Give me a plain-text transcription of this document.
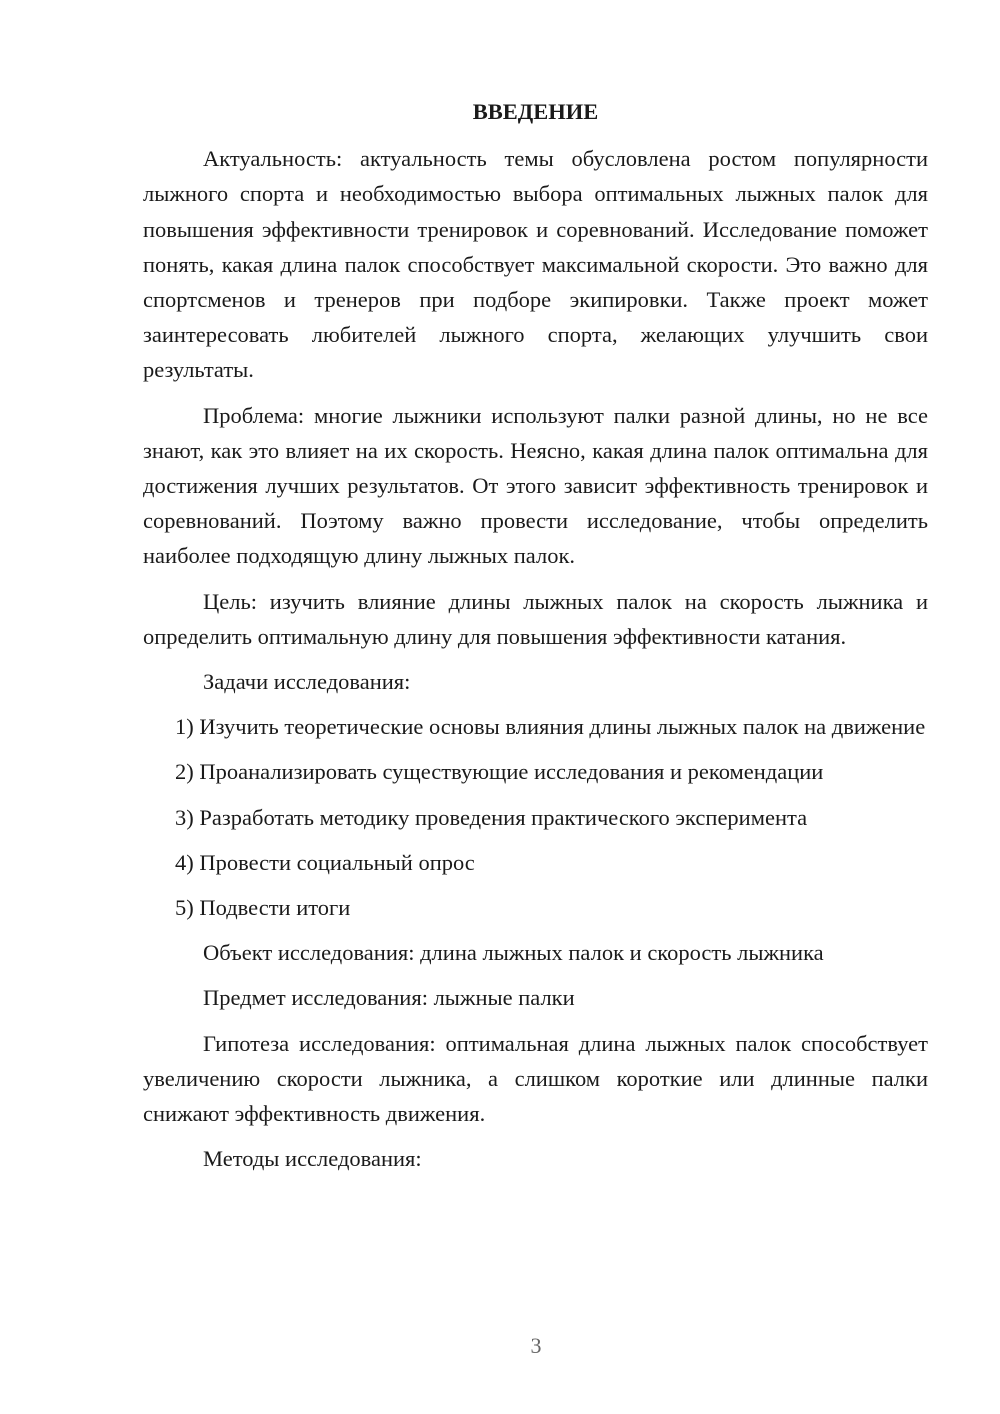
ВВЕДЕНИЕ

Актуальность: актуальность темы обусловлена ростом популярности лыжного спорта и необходимостью выбора оптимальных лыжных палок для повышения эффективности тренировок и соревнований. Исследование поможет понять, какая длина палок способствует максимальной скорости. Это важно для спортсменов и тренеров при подборе экипировки. Также проект может заинтересовать любителей лыжного спорта, желающих улучшить свои результаты.

Проблема: многие лыжники используют палки разной длины, но не все знают, как это влияет на их скорость. Неясно, какая длина палок оптимальна для достижения лучших результатов. От этого зависит эффективность тренировок и соревнований. Поэтому важно провести исследование, чтобы определить наиболее подходящую длину лыжных палок.

Цель: изучить влияние длины лыжных палок на скорость лыжника и определить оптимальную длину для повышения эффективности катания.

Задачи исследования:

1) Изучить теоретические основы влияния длины лыжных палок на движение

2) Проанализировать существующие исследования и рекомендации

3) Разработать методику проведения практического эксперимента

4) Провести социальный опрос

5) Подвести итоги

Объект исследования: длина лыжных палок и скорость лыжника

Предмет исследования: лыжные палки

Гипотеза исследования: оптимальная длина лыжных палок способствует увеличению скорости лыжника, а слишком короткие или длинные палки снижают эффективность движения.

Методы исследования:

3
